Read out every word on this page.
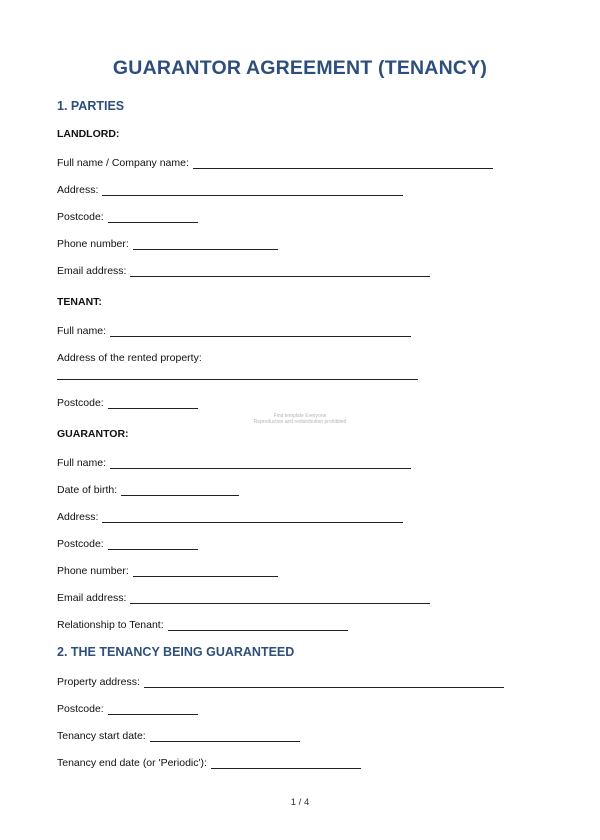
GUARANTOR AGREEMENT (TENANCY)
1. PARTIES
LANDLORD:
Full name / Company name:
Address:
Postcode:
Phone number:
Email address:
TENANT:
Full name:
Address of the rented property:
Postcode:
Find template Everyone
Reproduction and redistribution prohibited
GUARANTOR:
Full name:
Date of birth:
Address:
Postcode:
Phone number:
Email address:
Relationship to Tenant:
2. THE TENANCY BEING GUARANTEED
Property address:
Postcode:
Tenancy start date:
Tenancy end date (or 'Periodic'):
1 / 4
